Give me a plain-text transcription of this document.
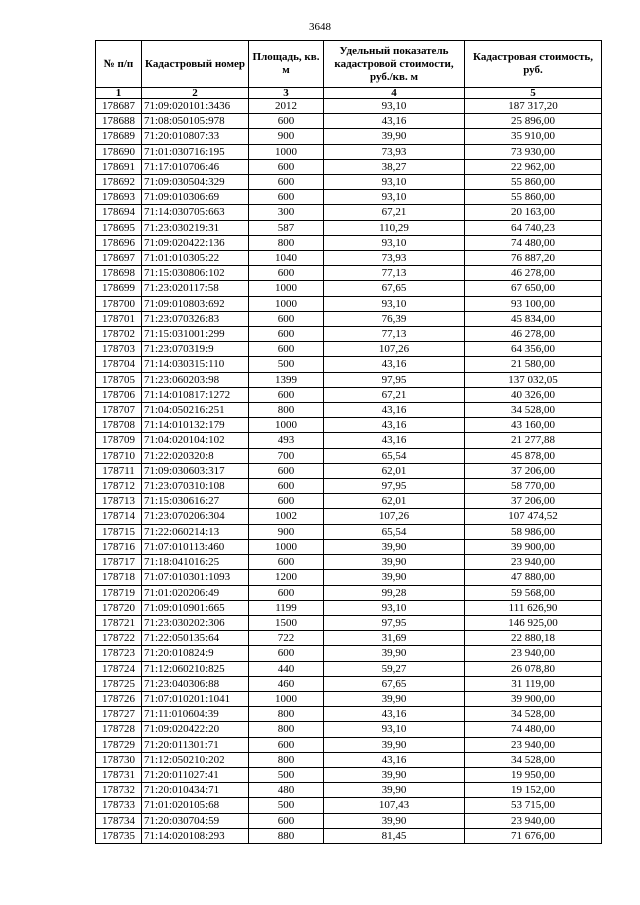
3648
№ п/п	Кадастровый номер	Площадь, кв. м	Удельный показатель кадастровой стоимости, руб./кв. м	Кадастровая стоимость, руб.
1	2	3	4	5
178687	71:09:020101:3436	2012	93,10	187 317,20
178688	71:08:050105:978	600	43,16	25 896,00
178689	71:20:010807:33	900	39,90	35 910,00
178690	71:01:030716:195	1000	73,93	73 930,00
178691	71:17:010706:46	600	38,27	22 962,00
178692	71:09:030504:329	600	93,10	55 860,00
178693	71:09:010306:69	600	93,10	55 860,00
178694	71:14:030705:663	300	67,21	20 163,00
178695	71:23:030219:31	587	110,29	64 740,23
178696	71:09:020422:136	800	93,10	74 480,00
178697	71:01:010305:22	1040	73,93	76 887,20
178698	71:15:030806:102	600	77,13	46 278,00
178699	71:23:020117:58	1000	67,65	67 650,00
178700	71:09:010803:692	1000	93,10	93 100,00
178701	71:23:070326:83	600	76,39	45 834,00
178702	71:15:031001:299	600	77,13	46 278,00
178703	71:23:070319:9	600	107,26	64 356,00
178704	71:14:030315:110	500	43,16	21 580,00
178705	71:23:060203:98	1399	97,95	137 032,05
178706	71:14:010817:1272	600	67,21	40 326,00
178707	71:04:050216:251	800	43,16	34 528,00
178708	71:14:010132:179	1000	43,16	43 160,00
178709	71:04:020104:102	493	43,16	21 277,88
178710	71:22:020320:8	700	65,54	45 878,00
178711	71:09:030603:317	600	62,01	37 206,00
178712	71:23:070310:108	600	97,95	58 770,00
178713	71:15:030616:27	600	62,01	37 206,00
178714	71:23:070206:304	1002	107,26	107 474,52
178715	71:22:060214:13	900	65,54	58 986,00
178716	71:07:010113:460	1000	39,90	39 900,00
178717	71:18:041016:25	600	39,90	23 940,00
178718	71:07:010301:1093	1200	39,90	47 880,00
178719	71:01:020206:49	600	99,28	59 568,00
178720	71:09:010901:665	1199	93,10	111 626,90
178721	71:23:030202:306	1500	97,95	146 925,00
178722	71:22:050135:64	722	31,69	22 880,18
178723	71:20:010824:9	600	39,90	23 940,00
178724	71:12:060210:825	440	59,27	26 078,80
178725	71:23:040306:88	460	67,65	31 119,00
178726	71:07:010201:1041	1000	39,90	39 900,00
178727	71:11:010604:39	800	43,16	34 528,00
178728	71:09:020422:20	800	93,10	74 480,00
178729	71:20:011301:71	600	39,90	23 940,00
178730	71:12:050210:202	800	43,16	34 528,00
178731	71:20:011027:41	500	39,90	19 950,00
178732	71:20:010434:71	480	39,90	19 152,00
178733	71:01:020105:68	500	107,43	53 715,00
178734	71:20:030704:59	600	39,90	23 940,00
178735	71:14:020108:293	880	81,45	71 676,00
